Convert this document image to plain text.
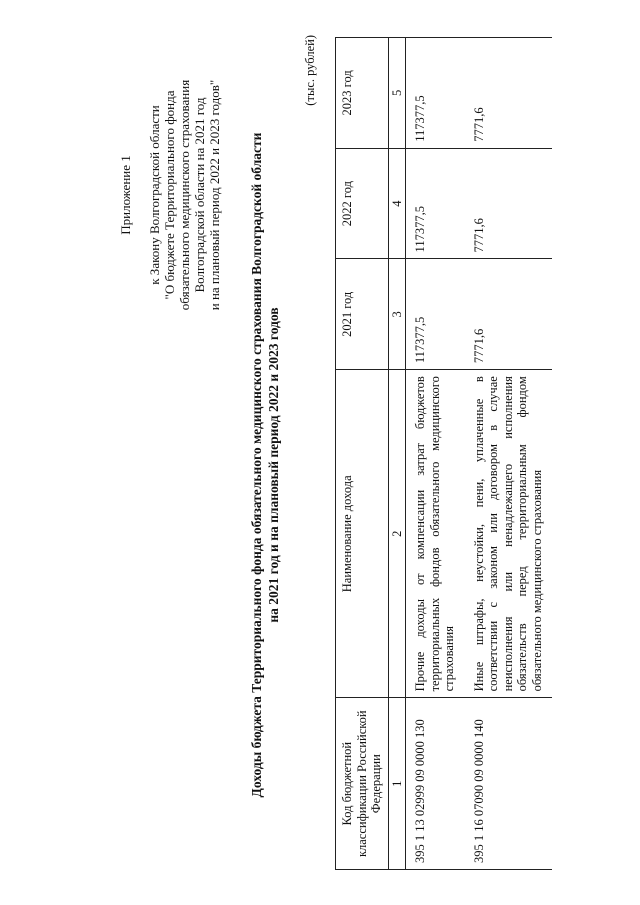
Приложение 1 к Закону Волгоградской области "О бюджете Территориального фонда обязательного медицинского страхования Волгоградской области на 2021 год и на плановый период 2022 и 2023 годов" Доходы бюджета Территориального фонда обязательного медицинского страхования Волгоградской области на 2021 год и на плановый период 2022 и 2023 годов
(тыс. рублей)
Код бюджетной классификации Российской Федерации	Наименование дохода	2021 год	2022 год	2023 год
1	2	3	4	5
395 1 13 02999 09 0000 130	Прочие доходы от компенсации затрат бюджетов территориальных фондов обязательного медицинского страхования	117377,5	117377,5	117377,5
395 1 16 07090 09 0000 140	Иные штрафы, неустойки, пени, уплаченные в соответствии с законом или договором в случае неисполнения или ненадлежащего исполнения обязательств перед территориальным фондом обязательного медицинского страхования	7771,6	7771,6	7771,6
